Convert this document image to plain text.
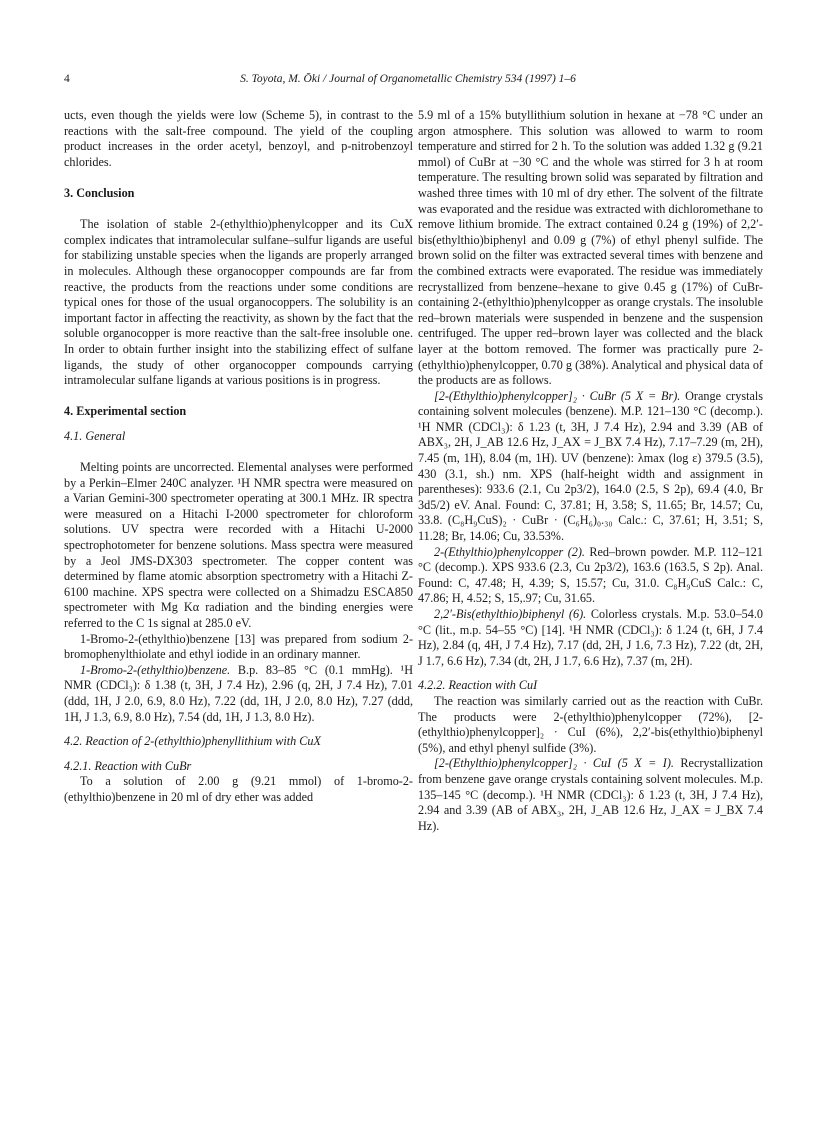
4	S. Toyota, M. Ōki / Journal of Organometallic Chemistry 534 (1997) 1–6

ucts, even though the yields were low (Scheme 5), in contrast to the reactions with the salt-free compound. The yield of the coupling product increases in the order acetyl, benzoyl, and p-nitrobenzoyl chlorides.

3. Conclusion

The isolation of stable 2-(ethylthio)phenylcopper and its CuX complex indicates that intramolecular sulfane–sulfur ligands are useful for stabilizing unstable species when the ligands are properly arranged in molecules. Although these organocopper compounds are far from reactive, the products from the reactions under some conditions are typical ones for those of the usual organocoppers. The solubility is an important factor in affecting the reactivity, as shown by the fact that the soluble organocopper is more reactive than the salt-free insoluble one. In order to obtain further insight into the stabilizing effect of sulfane ligands, the study of other organocopper compounds carrying intramolecular sulfane ligands at various positions is in progress.

4. Experimental section

4.1. General

Melting points are uncorrected. Elemental analyses were performed by a Perkin–Elmer 240C analyzer. ¹H NMR spectra were measured on a Varian Gemini-300 spectrometer operating at 300.1 MHz. IR spectra were measured on a Hitachi I-2000 spectrometer for chloroform solutions. UV spectra were recorded with a Hitachi U-2000 spectrophotometer for benzene solutions. Mass spectra were measured by a Jeol JMS-DX303 spectrometer. The copper content was determined by flame atomic absorption spectrometry with a Hitachi Z-6100 machine. XPS spectra were collected on a Shimadzu ESCA850 spectrometer with Mg Kα radiation and the binding energies were referred to the C 1s signal at 285.0 eV.

1-Bromo-2-(ethylthio)benzene [13] was prepared from sodium 2-bromophenylthiolate and ethyl iodide in an ordinary manner.

1-Bromo-2-(ethylthio)benzene. B.p. 83–85 °C (0.1 mmHg). ¹H NMR (CDCl₃): δ 1.38 (t, 3H, J 7.4 Hz), 2.96 (q, 2H, J 7.4 Hz), 7.01 (ddd, 1H, J 2.0, 6.9, 8.0 Hz), 7.22 (dd, 1H, J 2.0, 8.0 Hz), 7.27 (ddd, 1H, J 1.3, 6.9, 8.0 Hz), 7.54 (dd, 1H, J 1.3, 8.0 Hz).

4.2. Reaction of 2-(ethylthio)phenyllithium with CuX

4.2.1. Reaction with CuBr

To a solution of 2.00 g (9.21 mmol) of 1-bromo-2-(ethylthio)benzene in 20 ml of dry ether was added

5.9 ml of a 15% butyllithium solution in hexane at −78 °C under an argon atmosphere. This solution was allowed to warm to room temperature and stirred for 2 h. To the solution was added 1.32 g (9.21 mmol) of CuBr at −30 °C and the whole was stirred for 3 h at room temperature. The resulting brown solid was separated by filtration and washed three times with 10 ml of dry ether. The solvent of the filtrate was evaporated and the residue was extracted with dichloromethane to remove lithium bromide. The extract contained 0.24 g (19%) of 2,2′-bis(ethylthio)biphenyl and 0.09 g (7%) of ethyl phenyl sulfide. The brown solid on the filter was extracted several times with benzene and the combined extracts were evaporated. The residue was immediately recrystallized from benzene–hexane to give 0.45 g (17%) of CuBr-containing 2-(ethylthio)phenylcopper as orange crystals. The insoluble red–brown materials were suspended in benzene and the suspension centrifuged. The upper red–brown layer was collected and the black layer at the bottom removed. The former was practically pure 2-(ethylthio)phenylcopper, 0.70 g (38%). Analytical and physical data of the products are as follows.

[2-(Ethylthio)phenylcopper]₂ · CuBr (5 X = Br). Orange crystals containing solvent molecules (benzene). M.P. 121–130 °C (decomp.). ¹H NMR (CDCl₃): δ 1.23 (t, 3H, J 7.4 Hz), 2.94 and 3.39 (AB of ABX₃, 2H, J_AB 12.6 Hz, J_AX = J_BX 7.4 Hz), 7.17–7.29 (m, 2H), 7.45 (m, 1H), 8.04 (m, 1H). UV (benzene): λmax (log ε) 379.5 (3.5), 430 (3.1, sh.) nm. XPS (half-height width and assignment in parentheses): 933.6 (2.1, Cu 2p3/2), 164.0 (2.5, S 2p), 69.4 (4.0, Br 3d5/2) eV. Anal. Found: C, 37.81; H, 3.58; S, 11.65; Br, 14.57; Cu, 33.8. (C₈H₉CuS)₂ · CuBr · (C₆H₆)₀.₃₀ Calc.: C, 37.61; H, 3.51; S, 11.28; Br, 14.06; Cu, 33.53%.

2-(Ethylthio)phenylcopper (2). Red–brown powder. M.P. 112–121 °C (decomp.). XPS 933.6 (2.3, Cu 2p3/2), 163.6 (163.5, S 2p). Anal. Found: C, 47.48; H, 4.39; S, 15.57; Cu, 31.0. C₈H₉CuS Calc.: C, 47.86; H, 4.52; S, 15,.97; Cu, 31.65.

2,2′-Bis(ethylthio)biphenyl (6). Colorless crystals. M.p. 53.0–54.0 °C (lit., m.p. 54–55 °C) [14]. ¹H NMR (CDCl₃): δ 1.24 (t, 6H, J 7.4 Hz), 2.84 (q, 4H, J 7.4 Hz), 7.17 (dd, 2H, J 1.6, 7.3 Hz), 7.22 (dt, 2H, J 1.7, 6.6 Hz), 7.34 (dt, 2H, J 1.7, 6.6 Hz), 7.37 (m, 2H).

4.2.2. Reaction with CuI

The reaction was similarly carried out as the reaction with CuBr. The products were 2-(ethylthio)phenylcopper (72%), [2-(ethylthio)phenylcopper]₂ · CuI (6%), 2,2′-bis(ethylthio)biphenyl (5%), and ethyl phenyl sulfide (3%).

[2-(Ethylthio)phenylcopper]₂ · CuI (5 X = I). Recrystallization from benzene gave orange crystals containing solvent molecules. M.p. 135–145 °C (decomp.). ¹H NMR (CDCl₃): δ 1.23 (t, 3H, J 7.4 Hz), 2.94 and 3.39 (AB of ABX₃, 2H, J_AB 12.6 Hz, J_AX = J_BX 7.4 Hz).
